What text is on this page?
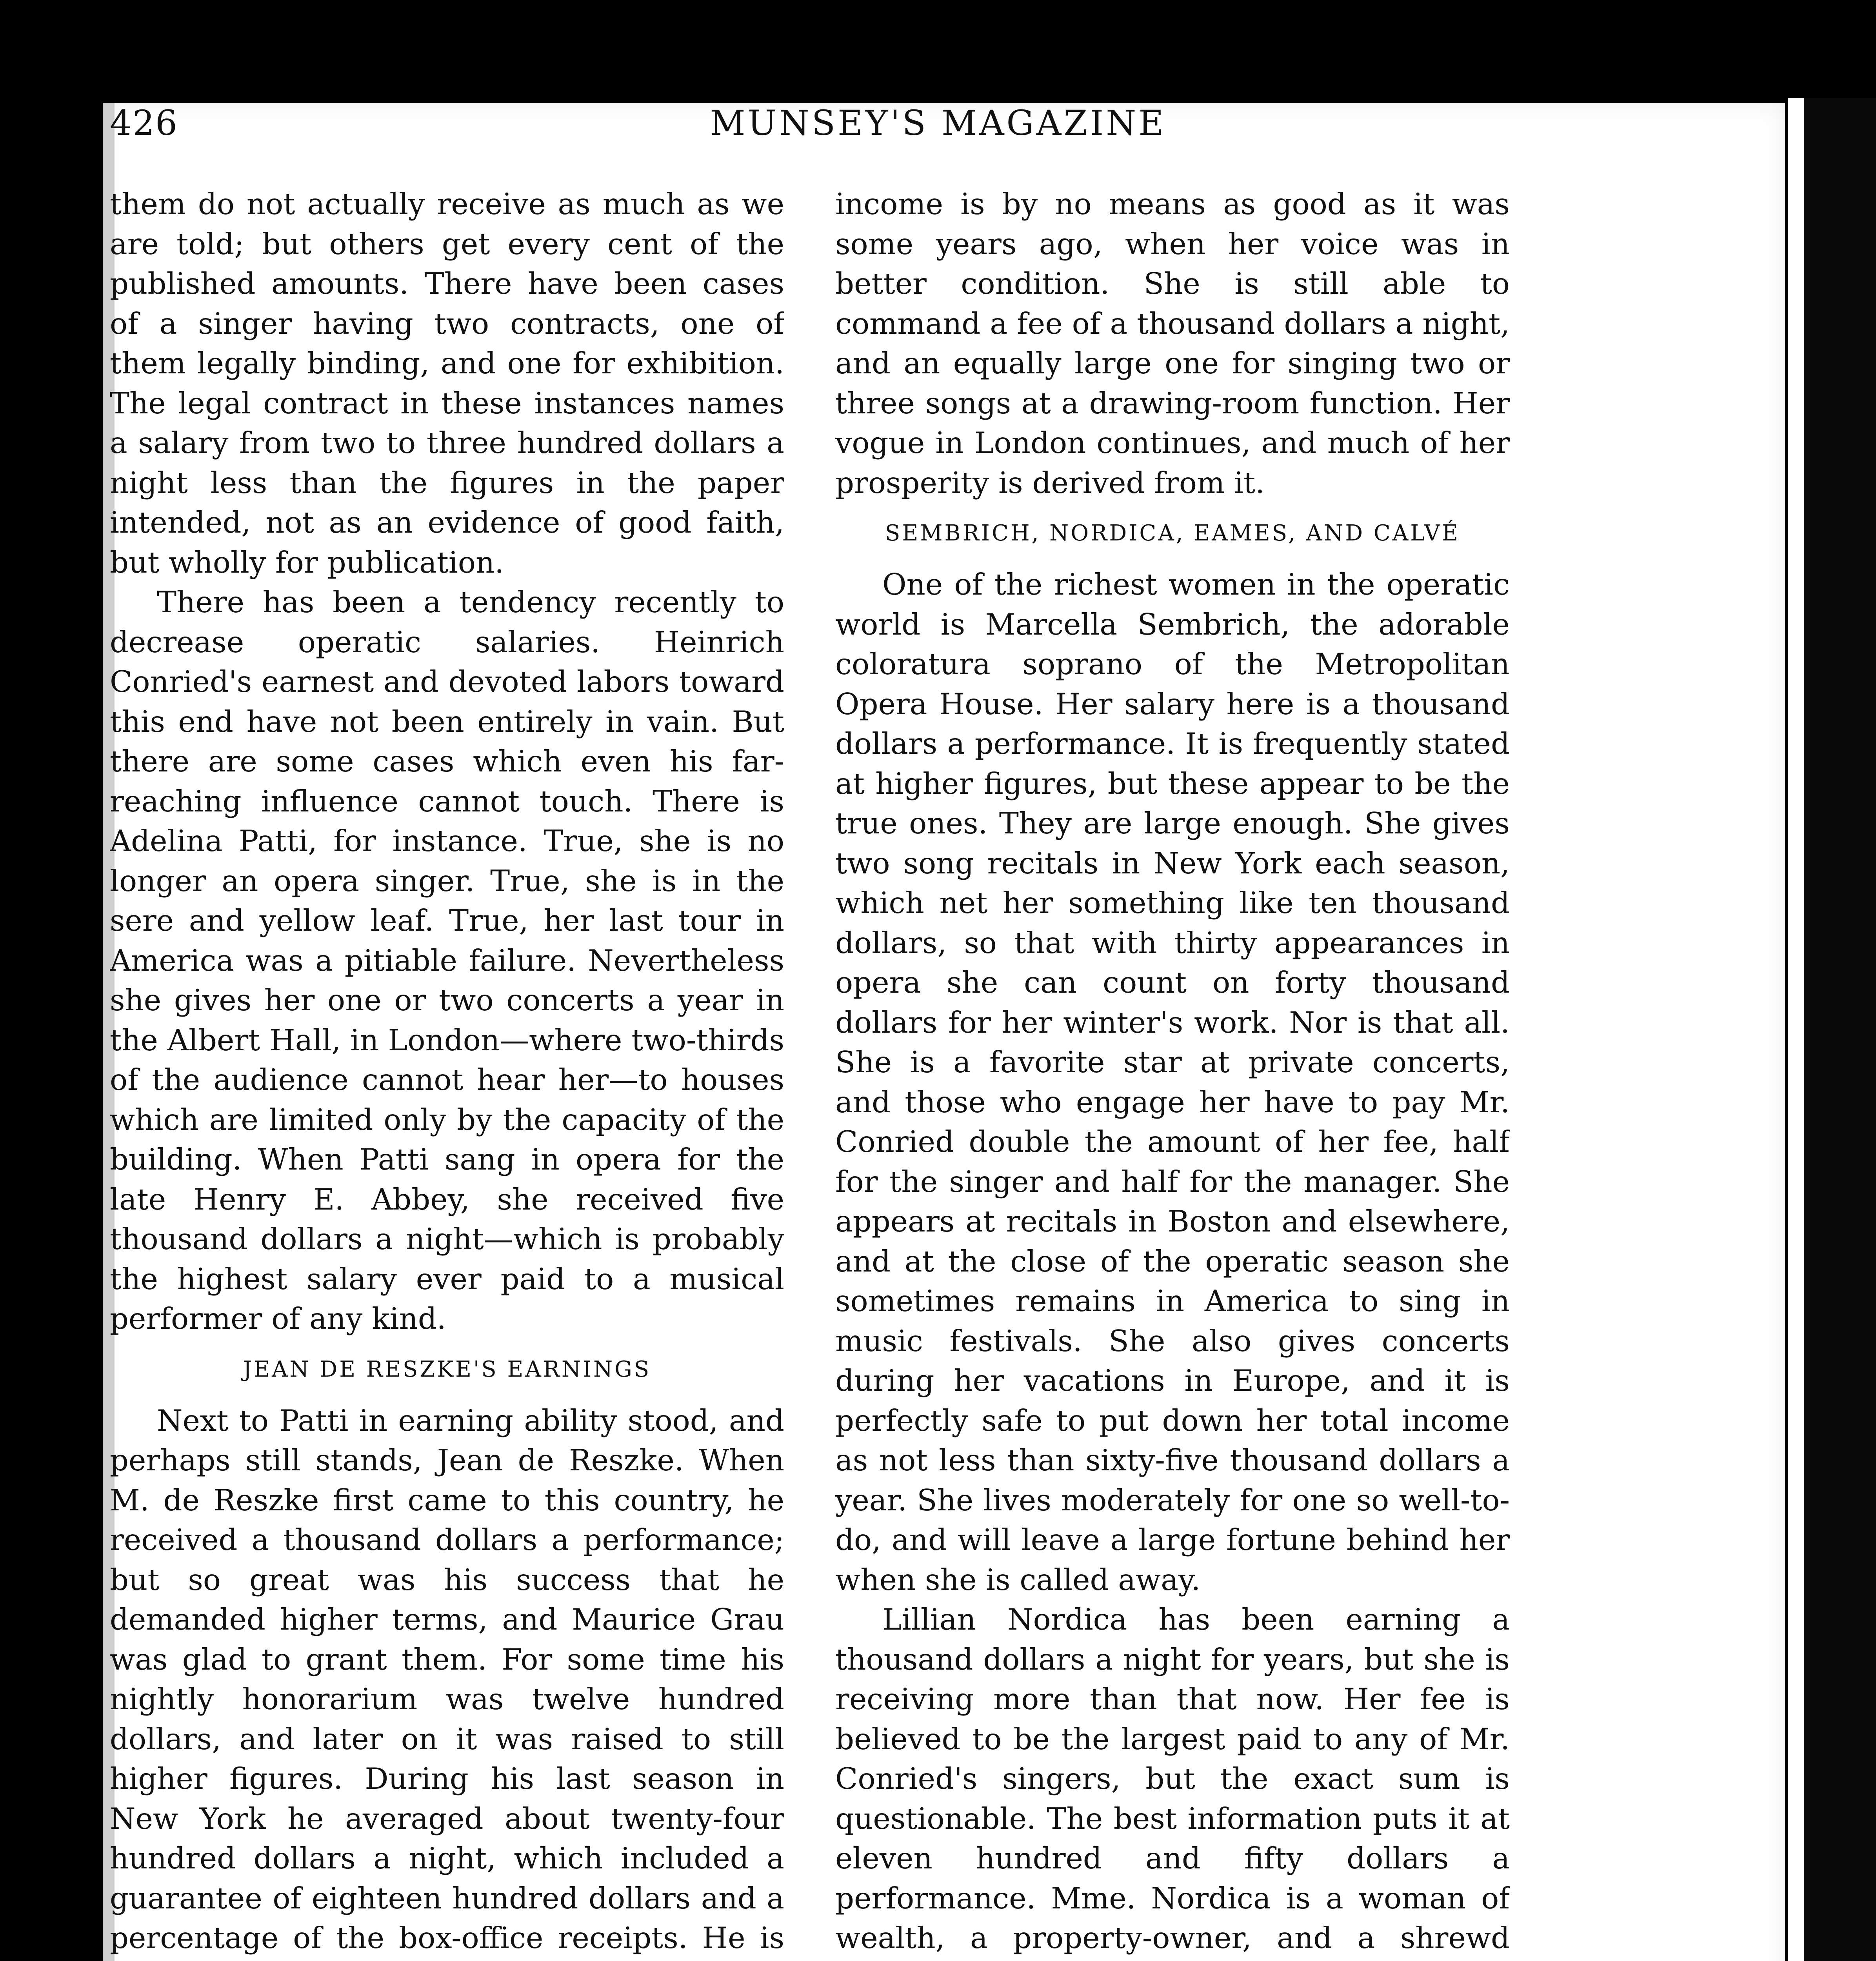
426	MUNSEY'S MAGAZINE

them do not actually receive as much as we are told; but others get every cent of the published amounts. There have been cases of a singer having two contracts, one of them legally binding, and one for exhibition. The legal contract in these instances names a salary from two to three hundred dollars a night less than the figures in the paper intended, not as an evidence of good faith, but wholly for publication.

There has been a tendency recently to decrease operatic salaries. Heinrich Conried's earnest and devoted labors toward this end have not been entirely in vain. But there are some cases which even his far-reaching influence cannot touch. There is Adelina Patti, for instance. True, she is no longer an opera singer. True, she is in the sere and yellow leaf. True, her last tour in America was a pitiable failure. Nevertheless she gives her one or two concerts a year in the Albert Hall, in London—where two-thirds of the audience cannot hear her—to houses which are limited only by the capacity of the building. When Patti sang in opera for the late Henry E. Abbey, she received five thousand dollars a night—which is probably the highest salary ever paid to a musical performer of any kind.

JEAN DE RESZKE'S EARNINGS

Next to Patti in earning ability stood, and perhaps still stands, Jean de Reszke. When M. de Reszke first came to this country, he received a thousand dollars a performance; but so great was his success that he demanded higher terms, and Maurice Grau was glad to grant them. For some time his nightly honorarium was twelve hundred dollars, and later on it was raised to still higher figures. During his last season in New York he averaged about twenty-four hundred dollars a night, which included a guarantee of eighteen hundred dollars and a percentage of the box-office receipts. He is

income is by no means as good as it was some years ago, when her voice was in better condition. She is still able to command a fee of a thousand dollars a night, and an equally large one for singing two or three songs at a drawing-room function. Her vogue in London continues, and much of her prosperity is derived from it.

SEMBRICH, NORDICA, EAMES, AND CALVÉ

One of the richest women in the operatic world is Marcella Sembrich, the adorable coloratura soprano of the Metropolitan Opera House. Her salary here is a thousand dollars a performance. It is frequently stated at higher figures, but these appear to be the true ones. They are large enough. She gives two song recitals in New York each season, which net her something like ten thousand dollars, so that with thirty appearances in opera she can count on forty thousand dollars for her winter's work. Nor is that all. She is a favorite star at private concerts, and those who engage her have to pay Mr. Conried double the amount of her fee, half for the singer and half for the manager. She appears at recitals in Boston and elsewhere, and at the close of the operatic season she sometimes remains in America to sing in music festivals. She also gives concerts during her vacations in Europe, and it is perfectly safe to put down her total income as not less than sixty-five thousand dollars a year. She lives moderately for one so well-to-do, and will leave a large fortune behind her when she is called away.

Lillian Nordica has been earning a thousand dollars a night for years, but she is receiving more than that now. Her fee is believed to be the largest paid to any of Mr. Conried's singers, but the exact sum is questionable. The best information puts it at eleven hundred and fifty dollars a performance. Mme. Nordica is a woman of wealth, a property-owner, and a shrewd
